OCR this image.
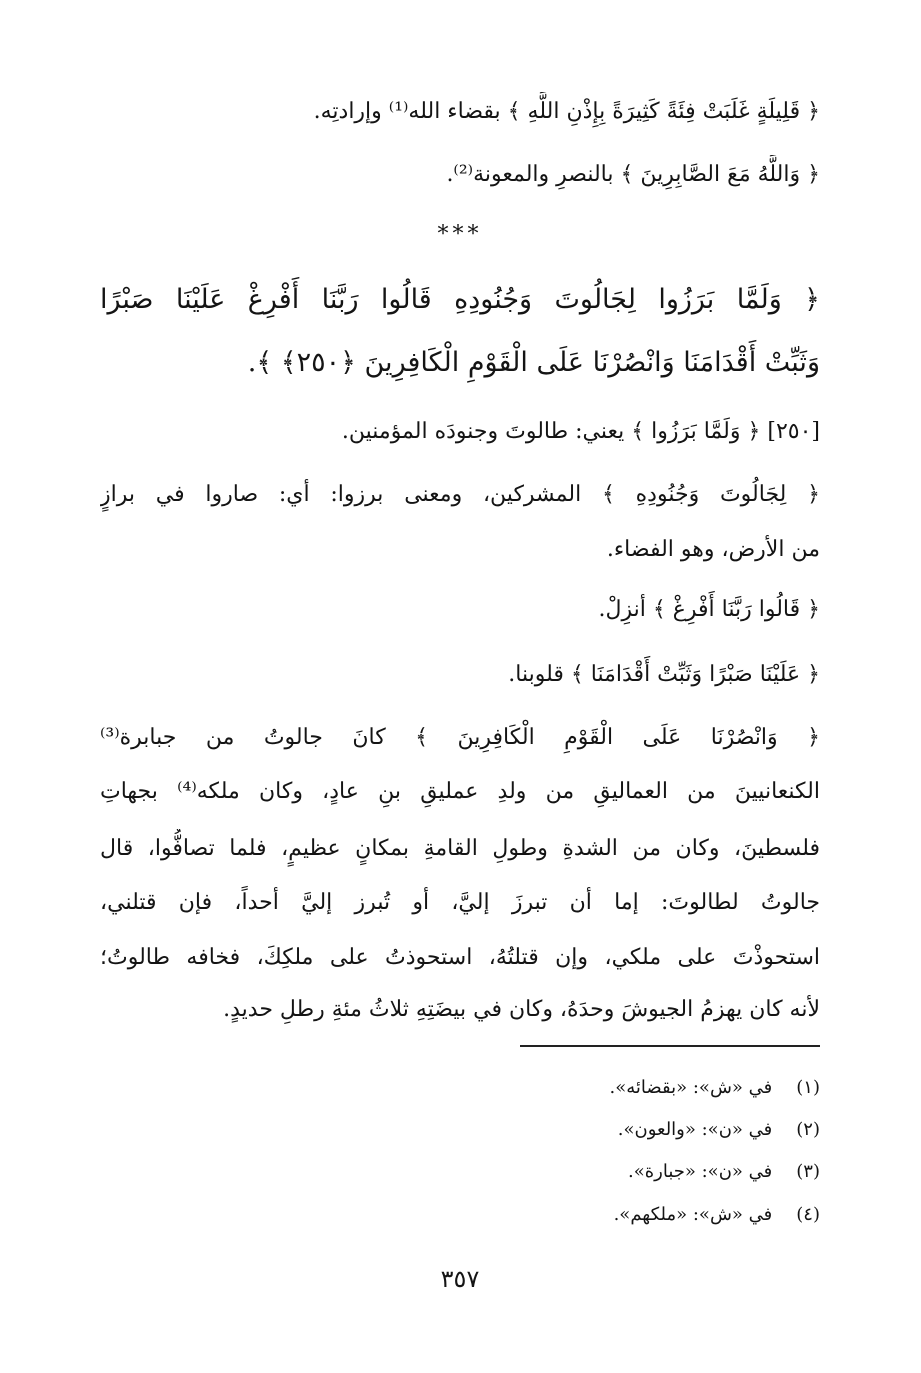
﴿ قَلِيلَةٍ غَلَبَتْ فِئَةً كَثِيرَةً بِإِذْنِ اللَّهِ ﴾ بقضاء الله⁽¹⁾ وإرادتِه.
﴿ وَاللَّهُ مَعَ الصَّابِرِينَ ﴾ بالنصرِ والمعونة⁽²⁾.
***
﴿ وَلَمَّا بَرَزُوا لِجَالُوتَ وَجُنُودِهِ قَالُوا رَبَّنَا أَفْرِغْ عَلَيْنَا صَبْرًا
وَثَبِّتْ أَقْدَامَنَا وَانْصُرْنَا عَلَى الْقَوْمِ الْكَافِرِينَ ﴿٢٥٠﴾ ﴾.
[٢٥٠] ﴿ وَلَمَّا بَرَزُوا ﴾ يعني: طالوتَ وجنودَه المؤمنين.
﴿ لِجَالُوتَ وَجُنُودِهِ ﴾ المشركين، ومعنى برزوا: أي: صاروا في برازٍ
من الأرض، وهو الفضاء.
﴿ قَالُوا رَبَّنَا أَفْرِغْ ﴾ أنزِلْ.
﴿ عَلَيْنَا صَبْرًا وَثَبِّتْ أَقْدَامَنَا ﴾ قلوبنا.
﴿ وَانْصُرْنَا عَلَى الْقَوْمِ الْكَافِرِينَ ﴾ كانَ جالوتُ من جبابرة⁽³⁾
الكنعانيينَ من العماليقِ من ولدِ عمليقِ بنِ عادٍ، وكان ملكه⁽⁴⁾ بجهاتِ
فلسطينَ، وكان من الشدةِ وطولِ القامةِ بمكانٍ عظيمٍ، فلما تصافُّوا، قال
جالوتُ لطالوتَ: إما أن تبرزَ إليَّ، أو تُبرز إليَّ أحداً، فإن قتلني،
استحوذْتَ على ملكي، وإن قتلتُهُ، استحوذتُ على ملكِكَ، فخافه طالوتُ؛
لأنه كان يهزمُ الجيوشَ وحدَهُ، وكان في بيضَتِهِ ثلاثُ مئةِ رطلِ حديدٍ.
(١) في «ش»: «بقضائه».
(٢) في «ن»: «والعون».
(٣) في «ن»: «جبارة».
(٤) في «ش»: «ملكهم».
٣٥٧
